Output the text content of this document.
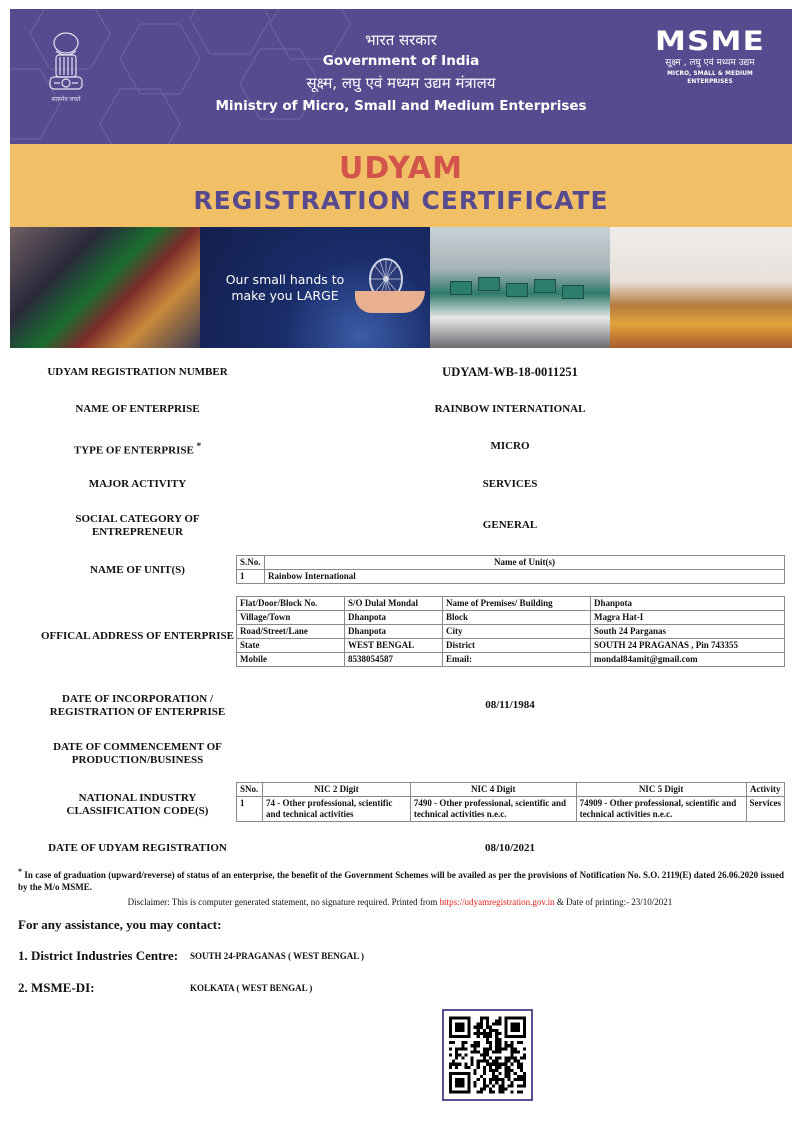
सत्यमेव जयते
भारत सरकार
Government of India
सूक्ष्म, लघु एवं मध्यम उद्यम मंत्रालय
Ministry of Micro, Small and Medium Enterprises
MSME
सूक्ष्म , लघु एवं मध्यम उद्यम
MICRO, SMALL & MEDIUM ENTERPRISES
UDYAM
REGISTRATION CERTIFICATE
Our small hands to
make you LARGE
UDYAM REGISTRATION NUMBER	UDYAM-WB-18-0011251
NAME OF ENTERPRISE	RAINBOW INTERNATIONAL
TYPE OF ENTERPRISE *	MICRO
MAJOR ACTIVITY	SERVICES
SOCIAL CATEGORY OF
ENTREPRENEUR
GENERAL
NAME OF UNIT(S)
S.No.	Name of Unit(s)
1	Rainbow International
OFFICAL ADDRESS OF ENTERPRISE
Flat/Door/Block No.	S/O Dulal Mondal	Name of Premises/ Building	Dhanpota
Village/Town	Dhanpota	Block	Magra Hat-I
Road/Street/Lane	Dhanpota	City	South 24 Parganas
State	WEST BENGAL	District	SOUTH 24 PRAGANAS , Pin 743355
Mobile	8538054587	Email:	mondal84amit@gmail.com
DATE OF INCORPORATION /
REGISTRATION OF ENTERPRISE
08/11/1984
DATE OF COMMENCEMENT OF
PRODUCTION/BUSINESS
NATIONAL INDUSTRY
CLASSIFICATION CODE(S)
SNo.	NIC 2 Digit	NIC 4 Digit	NIC 5 Digit	Activity
1	74 - Other professional, scientific and technical activities	7490 - Other professional, scientific and technical activities n.e.c.	74909 - Other professional, scientific and technical activities n.e.c.	Services
DATE OF UDYAM REGISTRATION	08/10/2021
* In case of graduation (upward/reverse) of status of an enterprise, the benefit of the Government Schemes will be availed as per the provisions of Notification No. S.O. 2119(E) dated 26.06.2020 issued by the M/o MSME.
Disclaimer: This is computer generated statement, no signature required. Printed from https://udyamregistration.gov.in & Date of printing:- 23/10/2021
For any assistance, you may contact:
1. District Industries Centre: SOUTH 24-PRAGANAS ( WEST BENGAL )
2. MSME-DI:	KOLKATA ( WEST BENGAL )
